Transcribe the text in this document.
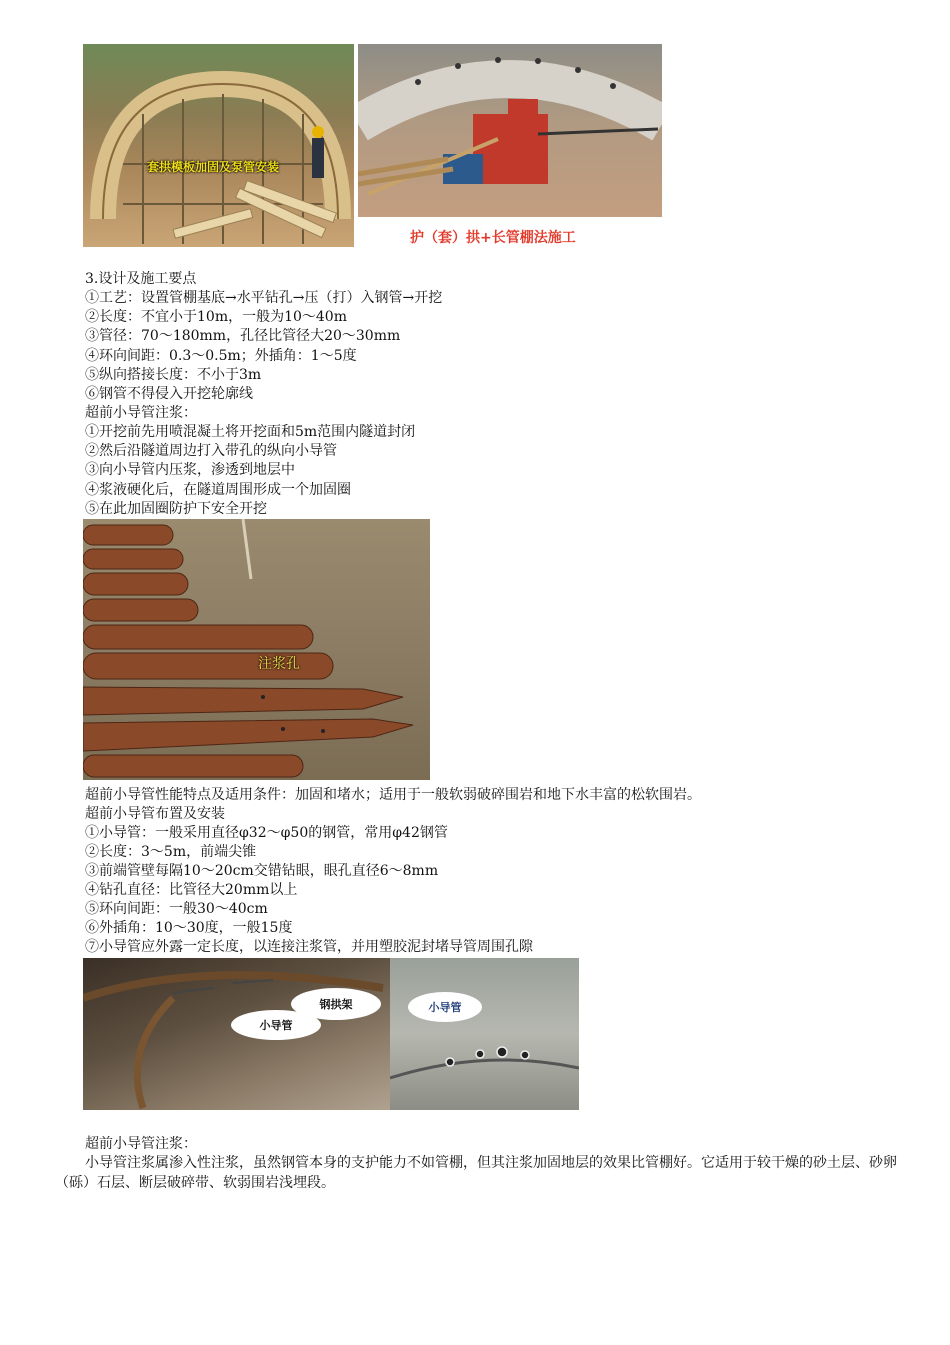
套拱模板加固及泵管安装
护（套）拱+长管棚法施工
3.设计及施工要点
①工艺：设置管棚基底→水平钻孔→压（打）入钢管→开挖
②长度：不宜小于10m，一般为10～40m
③管径：70～180mm，孔径比管径大20～30mm
④环向间距：0.3～0.5m；外插角：1～5度
⑤纵向搭接长度：不小于3m
⑥钢管不得侵入开挖轮廓线
超前小导管注浆：
①开挖前先用喷混凝土将开挖面和5m范围内隧道封闭
②然后沿隧道周边打入带孔的纵向小导管
③向小导管内压浆，渗透到地层中
④浆液硬化后，在隧道周围形成一个加固圈
⑤在此加固圈防护下安全开挖
注浆孔
超前小导管性能特点及适用条件：加固和堵水；适用于一般软弱破碎围岩和地下水丰富的松软围岩。
超前小导管布置及安装
①小导管：一般采用直径φ32～φ50的钢管，常用φ42钢管
②长度：3～5m，前端尖锥
③前端管壁每隔10～20cm交错钻眼，眼孔直径6～8mm
④钻孔直径：比管径大20mm以上
⑤环向间距：一般30～40cm
⑥外插角：10～30度，一般15度
⑦小导管应外露一定长度，以连接注浆管，并用塑胶泥封堵导管周围孔隙
钢拱架
小导管
小导管
超前小导管注浆：
小导管注浆属渗入性注浆，虽然钢管本身的支护能力不如管棚，但其注浆加固地层的效果比管棚好。它适用于较干燥的砂土层、砂卵（砾）石层、断层破碎带、软弱围岩浅埋段。
